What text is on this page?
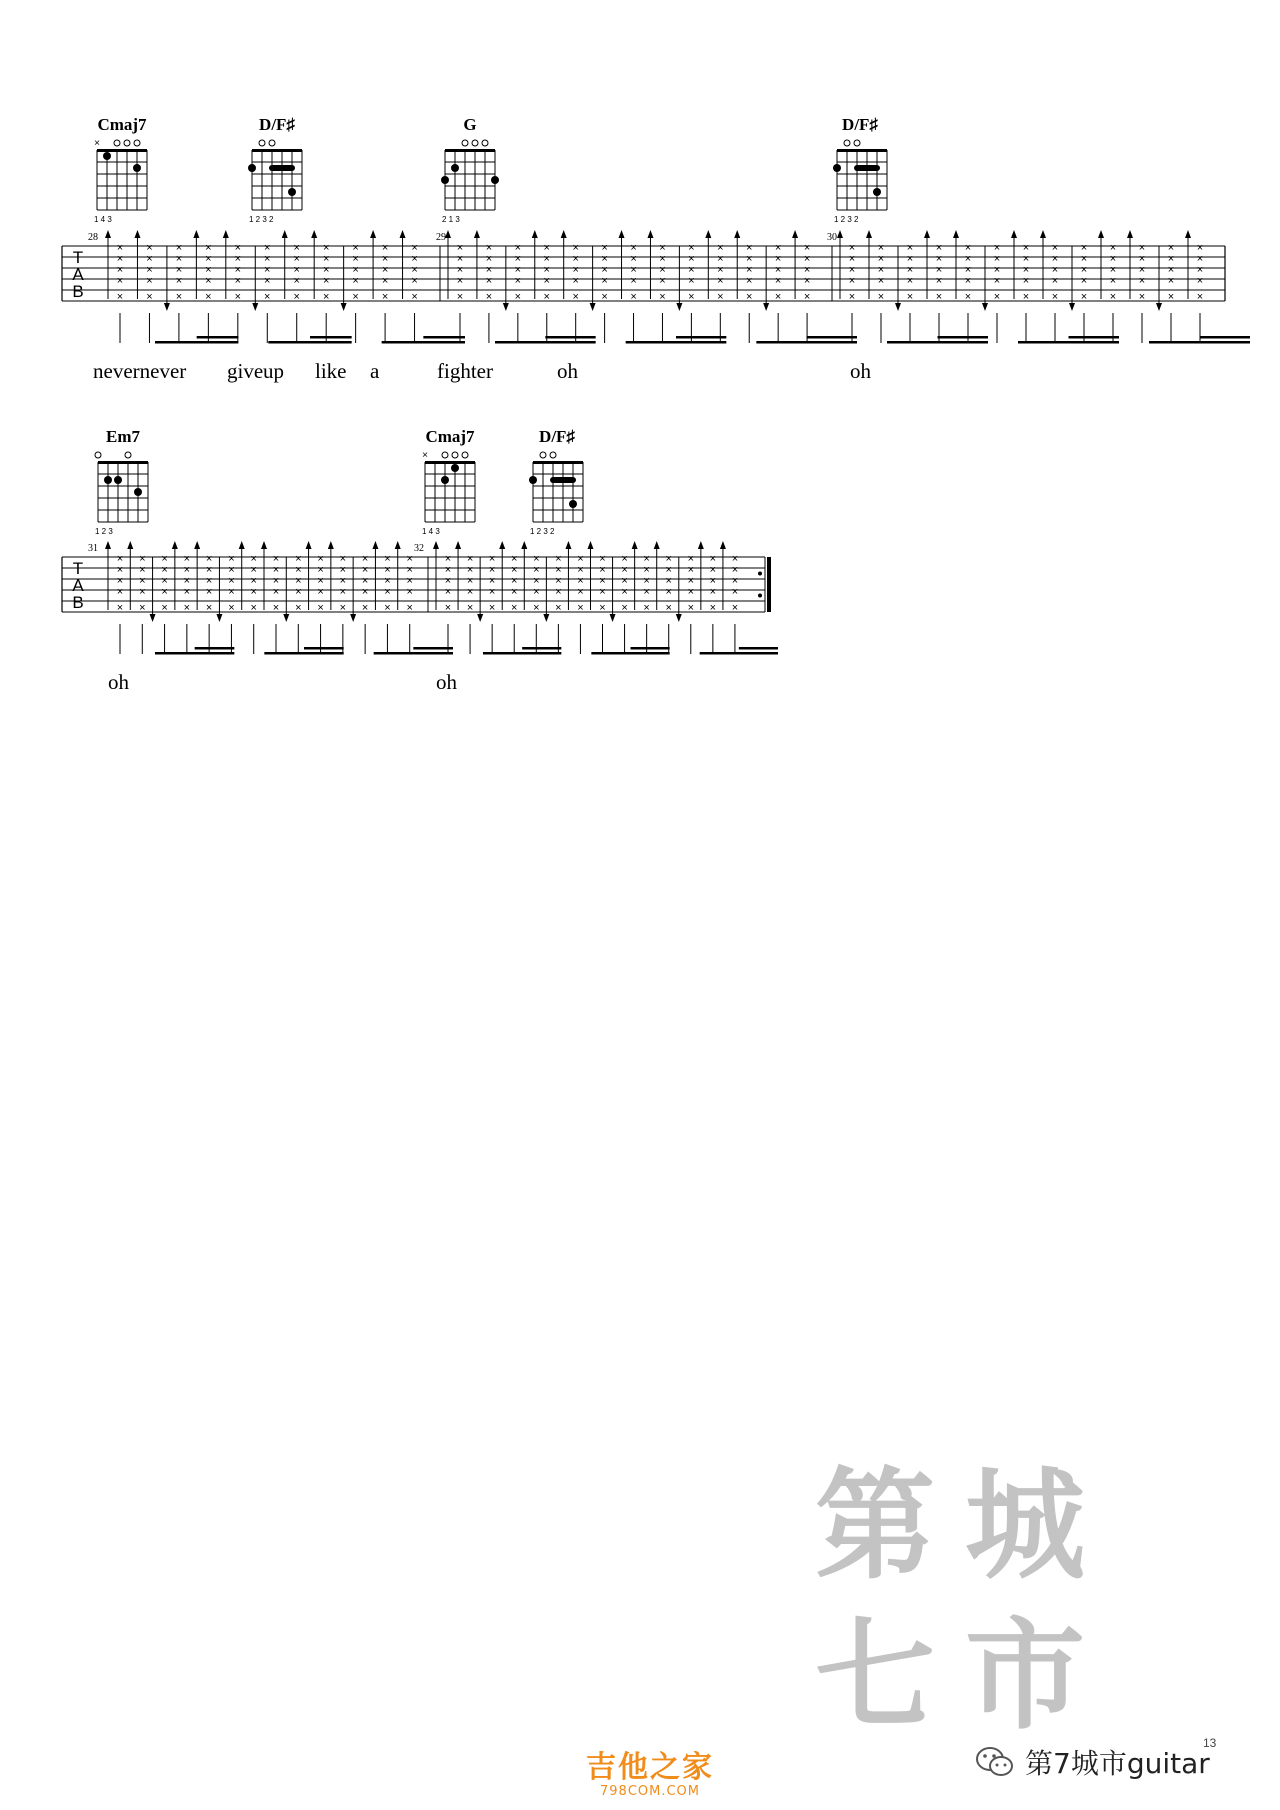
Cmaj7	D/F♯	G	D/F♯
×
1 4 3	1 2 3 2	2 1 3	1 2 3 2
T
A
B
×
×
×
×
×
×
×
×
×
×
×
×
×
×
×
×
×
×
×
×
×
×
×
×
×
×
×
×
×
×
×
×
×
×
×
×
×
×
×
×
×
×
×
×
×
×
×
×
×
×
×
×
×
×
×
×
×
×
×
×
×
×
×
×
×
×
×
×
×
×
×
×
×
×
×
×
×
×
×
×
×
×
×
×
×
×
×
×
×
×
×
×
×
×
×
×
×
×
×
×
×
×
×
×
×
×
×
×
×
×
×
×
×
×
×
×
×
×
×
×
×
×
×
×
×
×
×
×
×
×
×
×
×
×
×
×
×
×
×
×
×
×
×
×
×
×
×
×
×
×
×
×
×
×
×
×
×
×
×
×
×
×
×
×
×
×
×
×
×
×
×
×
×
×
×
×
×
×
×
×
×
×
×
×
×
28	29	30
nevernever give up like a	fighter	oh	oh
Em7	Cmaj7	D/F♯
1 2 3
×
1 4 3	1 2 3 2
T
A
B
×
×
×
×
×
×
×
×
×
×
×
×
×
×
×
×
×
×
×
×
×
×
×
×
×
×
×
×
×
×
×
×
×
×
×
×
×
×
×
×
×
×
×
×
×
×
×
×
×
×
×
×
×
×
×
×
×
×
×
×
×
×
×
×
×
×
×
×
×
×
×
×
×
×
×
×
×
×
×
×
×
×
×
×
×
×
×
×
×
×
×
×
×
×
×
×
×
×
×
×
×
×
×
×
×
×
×
×
×
×
×
×
×
×
×
×
×
×
×
×
×
×
×
×
×
×
×
×
×
×
×
×
×
×
×
×
×
×
×
×
31	32
oh	oh
第 城
七 市
吉他之家
798COM.COM
第7城市guitar
13
